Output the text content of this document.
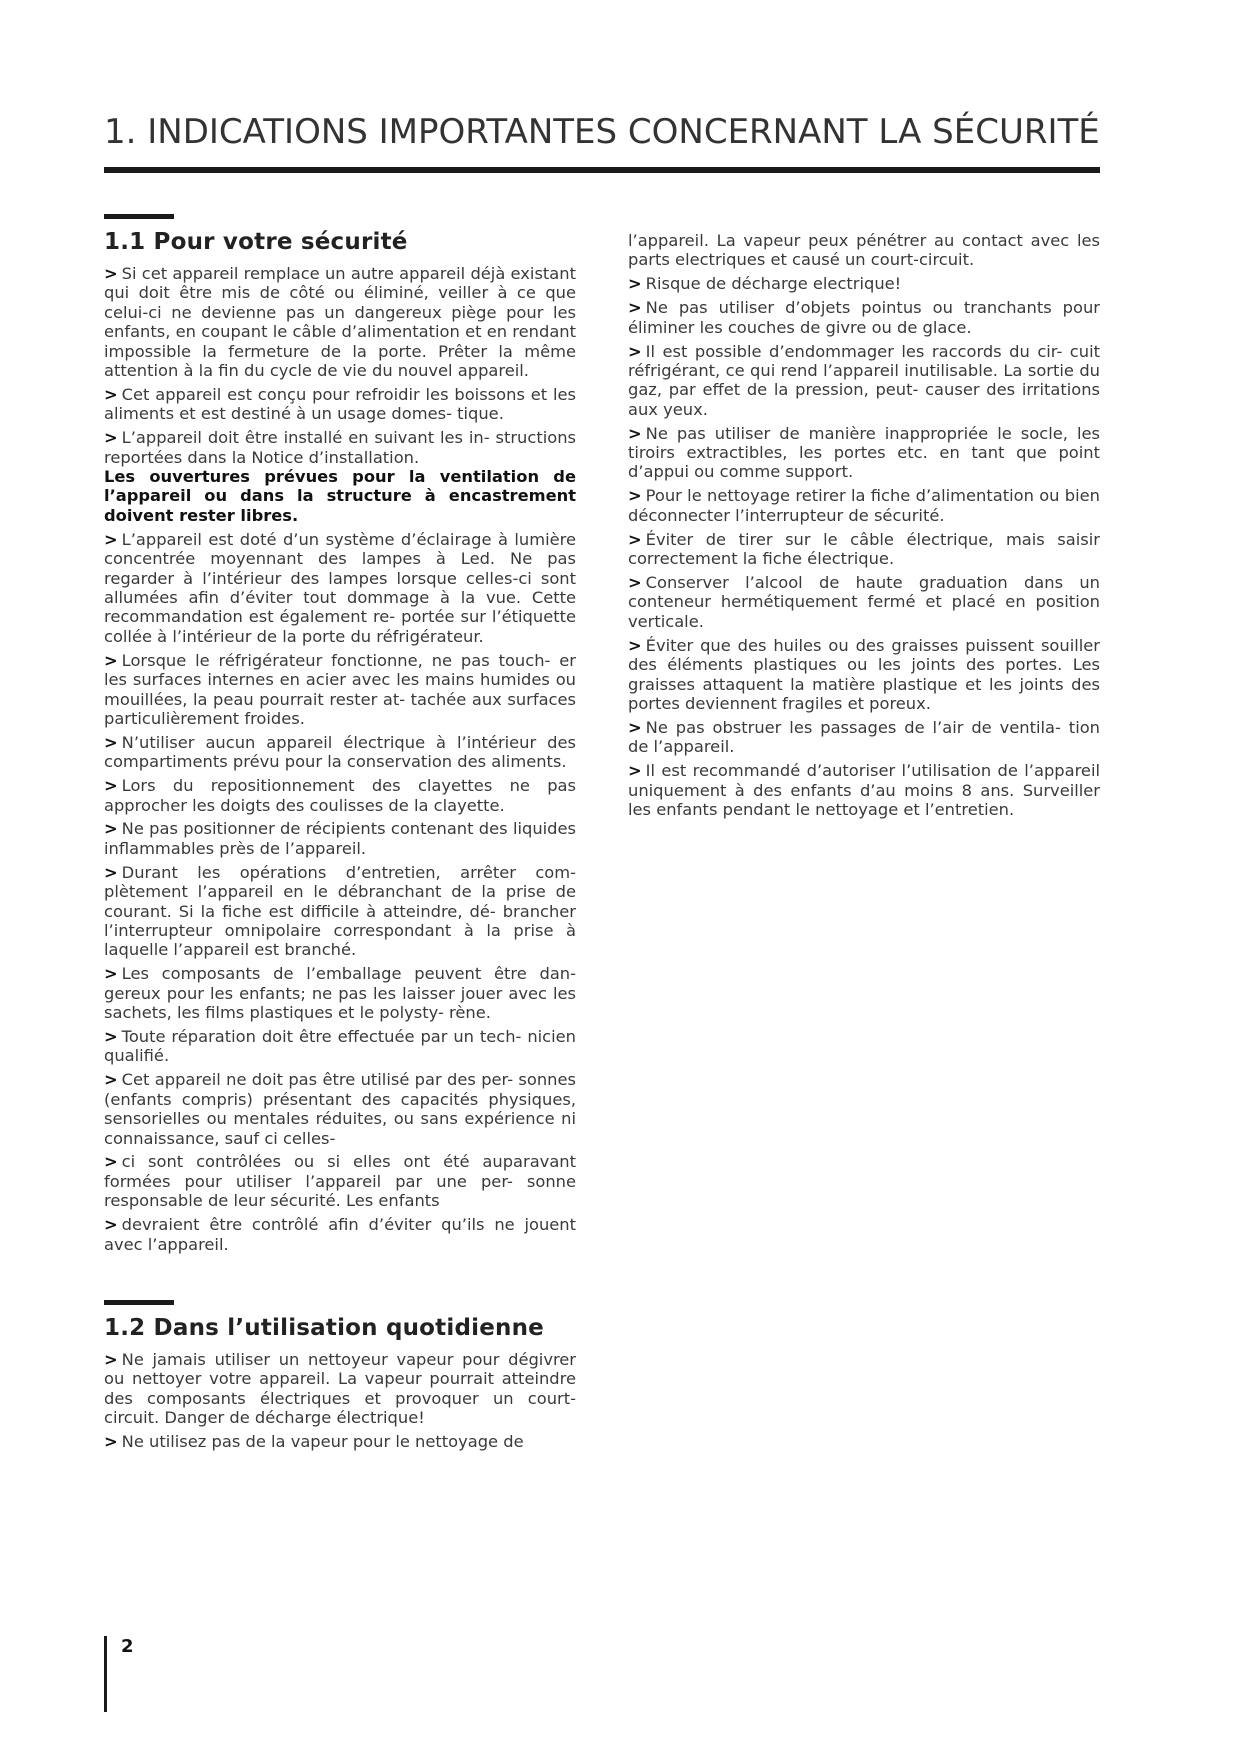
1. INDICATIONS IMPORTANTES CONCERNANT LA SÉCURITÉ
1.1 Pour votre sécurité

> Si cet appareil remplace un autre appareil déjà existant qui doit être mis de côté ou éliminé, veiller à ce que celui-ci ne devienne pas un dangereux piège pour les enfants, en coupant le câble d’alimentation et en rendant impossible la fermeture de la porte. Prêter la même attention à la fin du cycle de vie du nouvel appareil.

> Cet appareil est conçu pour refroidir les boissons et les aliments et est destiné à un usage domes- tique.

> L’appareil doit être installé en suivant les in- structions reportées dans la Notice d’installation.
Les ouvertures prévues pour la ventilation de l’appareil ou dans la structure à encastrement doivent rester libres.

> L’appareil est doté d’un système d’éclairage à lumière concentrée moyennant des lampes à Led. Ne pas regarder à l’intérieur des lampes lorsque celles-ci sont allumées afin d’éviter tout dommage à la vue. Cette recommandation est également re- portée sur l’étiquette collée à l’intérieur de la porte du réfrigérateur.

> Lorsque le réfrigérateur fonctionne, ne pas touch- er les surfaces internes en acier avec les mains humides ou mouillées, la peau pourrait rester at- tachée aux surfaces particulièrement froides.

> N’utiliser aucun appareil électrique à l’intérieur des compartiments prévu pour la conservation des aliments.

> Lors du repositionnement des clayettes ne pas approcher les doigts des coulisses de la clayette.

> Ne pas positionner de récipients contenant des liquides inflammables près de l’appareil.

> Durant les opérations d’entretien, arrêter com- plètement l’appareil en le débranchant de la prise de courant. Si la fiche est difficile à atteindre, dé- brancher l’interrupteur omnipolaire correspondant à la prise à laquelle l’appareil est branché.

> Les composants de l’emballage peuvent être dan- gereux pour les enfants; ne pas les laisser jouer avec les sachets, les films plastiques et le polysty- rène.

> Toute réparation doit être effectuée par un tech- nicien qualifié.

> Cet appareil ne doit pas être utilisé par des per- sonnes (enfants compris) présentant des capacités physiques, sensorielles ou mentales réduites, ou sans expérience ni connaissance, sauf ci celles-

> ci sont contrôlées ou si elles ont été auparavant formées pour utiliser l’appareil par une per- sonne responsable de leur sécurité. Les enfants

> devraient être contrôlé afin d’éviter qu’ils ne jouent avec l’appareil.

1.2 Dans l’utilisation quotidienne

> Ne jamais utiliser un nettoyeur vapeur pour dégivrer ou nettoyer votre appareil. La vapeur pourrait atteindre des composants électriques et provoquer un court-circuit. Danger de décharge électrique!

> Ne utilisez pas de la vapeur pour le nettoyage de

l’appareil. La vapeur peux pénétrer au contact avec les parts electriques et causé un court-circuit.

> Risque de décharge electrique!

> Ne pas utiliser d’objets pointus ou tranchants pour éliminer les couches de givre ou de glace.

> Il est possible d’endommager les raccords du cir- cuit réfrigérant, ce qui rend l’appareil inutilisable. La sortie du gaz, par effet de la pression, peut- causer des irritations aux yeux.

> Ne pas utiliser de manière inappropriée le socle, les tiroirs extractibles, les portes etc. en tant que point d’appui ou comme support.

> Pour le nettoyage retirer la fiche d’alimentation ou bien déconnecter l’interrupteur de sécurité.

> Éviter de tirer sur le câble électrique, mais saisir correctement la fiche électrique.

> Conserver l’alcool de haute graduation dans un conteneur hermétiquement fermé et placé en position verticale.

> Éviter que des huiles ou des graisses puissent souiller des éléments plastiques ou les joints des portes. Les graisses attaquent la matière plastique et les joints des portes deviennent fragiles et poreux.

> Ne pas obstruer les passages de l’air de ventila- tion de l’appareil.

> Il est recommandé d’autoriser l’utilisation de l’appareil uniquement à des enfants d’au moins 8 ans. Surveiller les enfants pendant le nettoyage et l’entretien.

2
